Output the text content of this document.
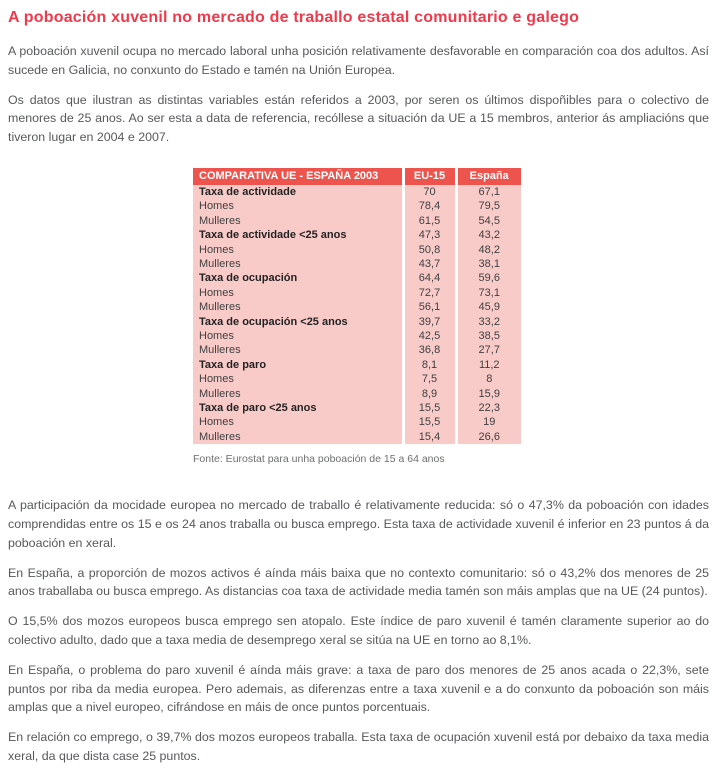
A poboación xuvenil no mercado de traballo estatal comunitario e galego

A poboación xuvenil ocupa no mercado laboral unha posición relativamente desfavorable en comparación coa dos adultos. Así sucede en Galicia, no conxunto do Estado e tamén na Unión Europea.

Os datos que ilustran as distintas variables están referidos a 2003, por seren os últimos dispoñibles para o colectivo de menores de 25 anos. Ao ser esta a data de referencia, recóllese a situación da UE a 15 membros, anterior ás ampliacións que tiveron lugar en 2004 e 2007.

COMPARATIVA UE - ESPAÑA 2003	EU-15	España
Taxa de actividade	70	67,1
Homes	78,4	79,5
Mulleres	61,5	54,5
Taxa de actividade <25 anos	47,3	43,2
Homes	50,8	48,2
Mulleres	43,7	38,1
Taxa de ocupación	64,4	59,6
Homes	72,7	73,1
Mulleres	56,1	45,9
Taxa de ocupación <25 anos	39,7	33,2
Homes	42,5	38,5
Mulleres	36,8	27,7
Taxa de paro	8,1	11,2
Homes	7,5	8
Mulleres	8,9	15,9
Taxa de paro <25 anos	15,5	22,3
Homes	15,5	19
Mulleres	15,4	26,6
Fonte: Eurostat para unha poboación de 15 a 64 anos

A participación da mocidade europea no mercado de traballo é relativamente reducida: só o 47,3% da poboación con idades comprendidas entre os 15 e os 24 anos traballa ou busca emprego. Esta taxa de actividade xuvenil é inferior en 23 puntos á da poboación en xeral.

En España, a proporción de mozos activos é aínda máis baixa que no contexto comunitario: só o 43,2% dos menores de 25 anos traballaba ou busca emprego. As distancias coa taxa de actividade media tamén son máis amplas que na UE (24 puntos).

O 15,5% dos mozos europeos busca emprego sen atopalo. Este índice de paro xuvenil é tamén claramente superior ao do colectivo adulto, dado que a taxa media de desemprego xeral se sitúa na UE en torno ao 8,1%.

En España, o problema do paro xuvenil é aínda máis grave: a taxa de paro dos menores de 25 anos acada o 22,3%, sete puntos por riba da media europea. Pero ademais, as diferenzas entre a taxa xuvenil e a do conxunto da poboación son máis amplas que a nivel europeo, cifrándose en máis de once puntos porcentuais.

En relación co emprego, o 39,7% dos mozos europeos traballa. Esta taxa de ocupación xuvenil está por debaixo da taxa media xeral, da que dista case 25 puntos.
